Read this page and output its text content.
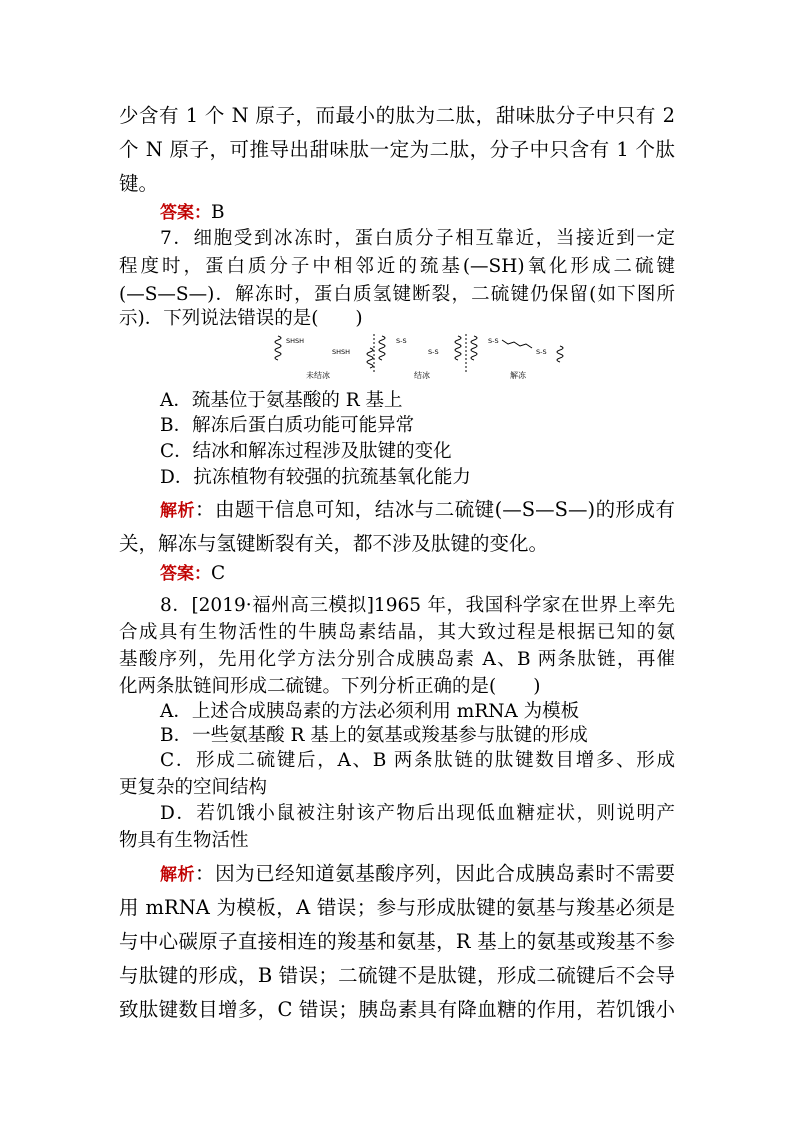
少含有 1 个 N 原子，而最小的肽为二肽，甜味肽分子中只有 2
个 N 原子，可推导出甜味肽一定为二肽，分子中只含有 1 个肽
键。
答案：B
7．细胞受到冰冻时，蛋白质分子相互靠近，当接近到一定
程度时，蛋白质分子中相邻近的巯基(—SH)氧化形成二硫键
(—S—S—)．解冻时，蛋白质氢键断裂，二硫键仍保留(如下图所
示)．下列说法错误的是(　　)
SHSH
SHSH
S-S
S-S
S-S
S-S
未结冰	结冰	解冻
A．巯基位于氨基酸的 R 基上
B．解冻后蛋白质功能可能异常
C．结冰和解冻过程涉及肽键的变化
D．抗冻植物有较强的抗巯基氧化能力
解析：由题干信息可知，结冰与二硫键(—S—S—)的形成有
关，解冻与氢键断裂有关，都不涉及肽键的变化。
答案：C
8．[2019·福州高三模拟]1965 年，我国科学家在世界上率先
合成具有生物活性的牛胰岛素结晶，其大致过程是根据已知的氨
基酸序列，先用化学方法分别合成胰岛素 A、B 两条肽链，再催
化两条肽链间形成二硫键。下列分析正确的是(　　)
A．上述合成胰岛素的方法必须利用 mRNA 为模板
B．一些氨基酸 R 基上的氨基或羧基参与肽键的形成
C．形成二硫键后，A、B 两条肽链的肽键数目增多、形成
更复杂的空间结构
D．若饥饿小鼠被注射该产物后出现低血糖症状，则说明产
物具有生物活性
解析：因为已经知道氨基酸序列，因此合成胰岛素时不需要
用 mRNA 为模板，A 错误；参与形成肽键的氨基与羧基必须是
与中心碳原子直接相连的羧基和氨基，R 基上的氨基或羧基不参
与肽键的形成，B 错误；二硫键不是肽键，形成二硫键后不会导
致肽键数目增多，C 错误；胰岛素具有降血糖的作用，若饥饿小
